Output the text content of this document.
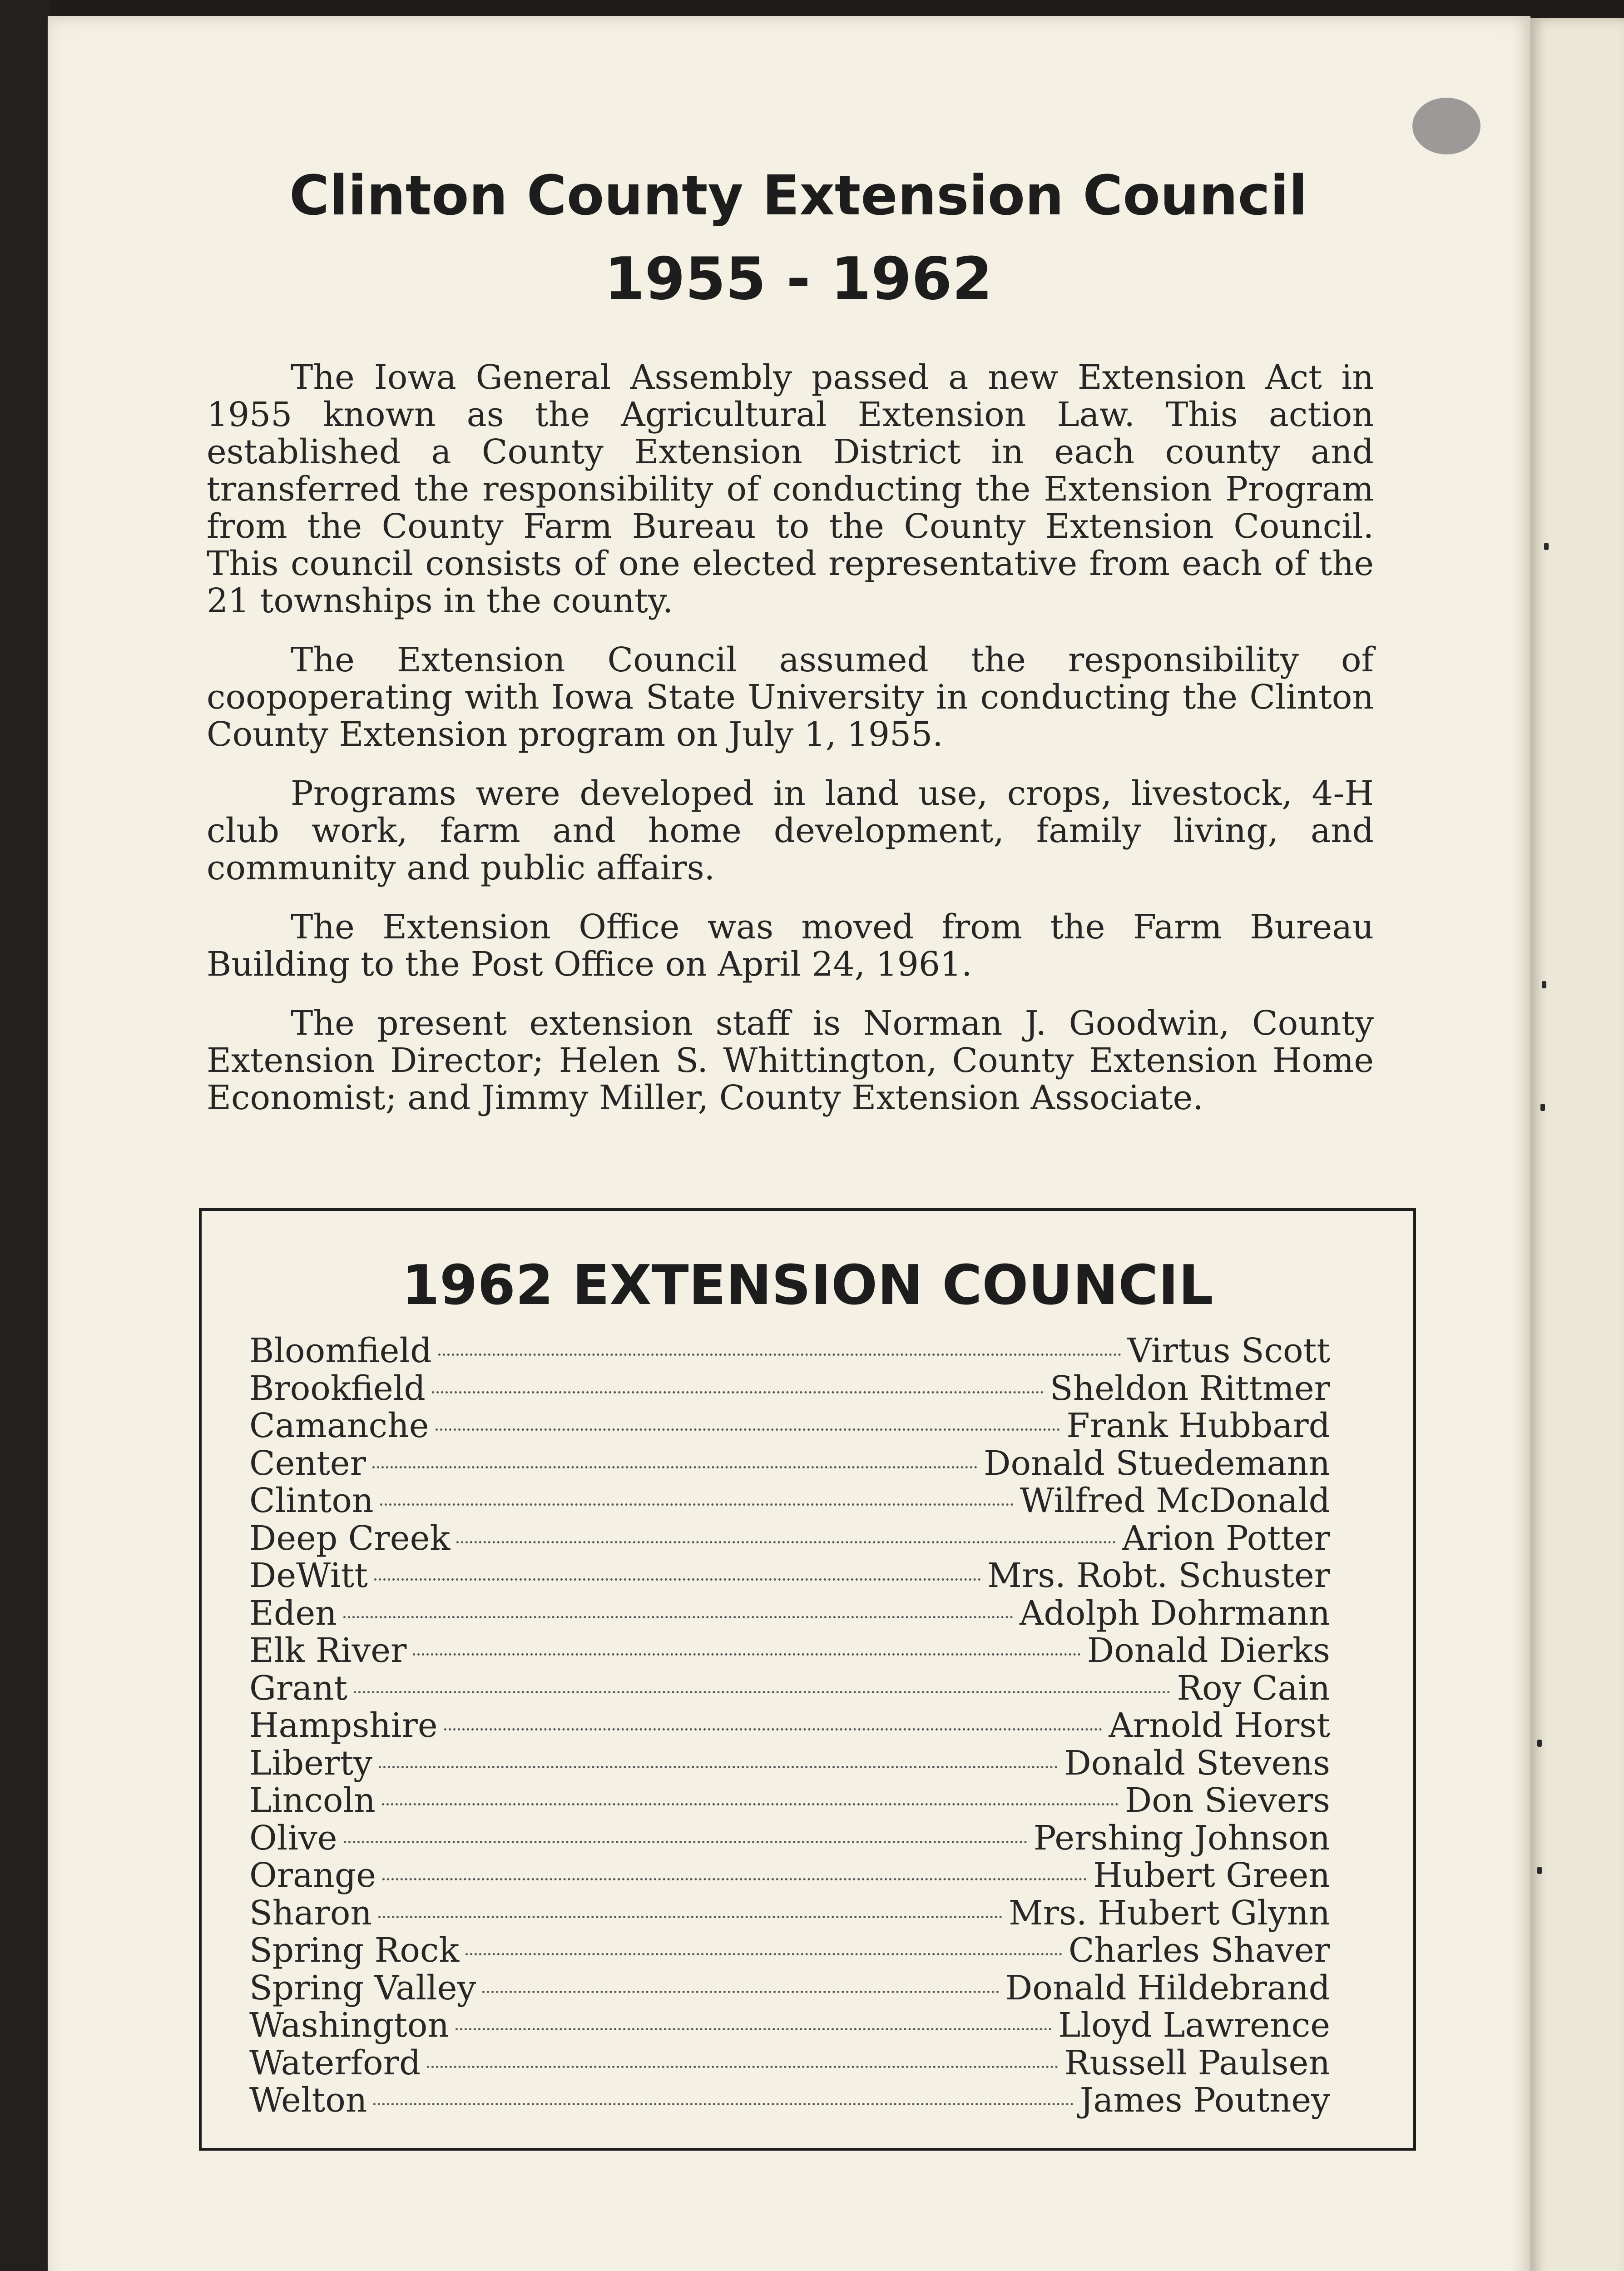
Clinton County Extension Council
1955 - 1962

The Iowa General Assembly passed a new Extension Act in 1955 known as the Agricultural Extension Law. This action established a County Extension District in each county and transferred the responsibility of conducting the Extension Program from the County Farm Bureau to the County Extension Council. This council consists of one elected representative from each of the 21 townships in the county.

The Extension Council assumed the responsibility of coopoperating with Iowa State University in conducting the Clinton County Extension program on July 1, 1955.

Programs were developed in land use, crops, livestock, 4-H club work, farm and home development, family living, and community and public affairs.

The Extension Office was moved from the Farm Bureau Building to the Post Office on April 24, 1961.

The present extension staff is Norman J. Goodwin, County Extension Director; Helen S. Whittington, County Extension Home Economist; and Jimmy Miller, County Extension Associate.

1962 EXTENSION COUNCIL
Bloomfield	Virtus Scott
Brookfield	Sheldon Rittmer
Camanche	Frank Hubbard
Center	Donald Stuedemann
Clinton	Wilfred McDonald
Deep Creek	Arion Potter
DeWitt	Mrs. Robt. Schuster
Eden	Adolph Dohrmann
Elk River	Donald Dierks
Grant	Roy Cain
Hampshire	Arnold Horst
Liberty	Donald Stevens
Lincoln	Don Sievers
Olive	Pershing Johnson
Orange	Hubert Green
Sharon	Mrs. Hubert Glynn
Spring Rock	Charles Shaver
Spring Valley	Donald Hildebrand
Washington	Lloyd Lawrence
Waterford	Russell Paulsen
Welton	James Poutney
